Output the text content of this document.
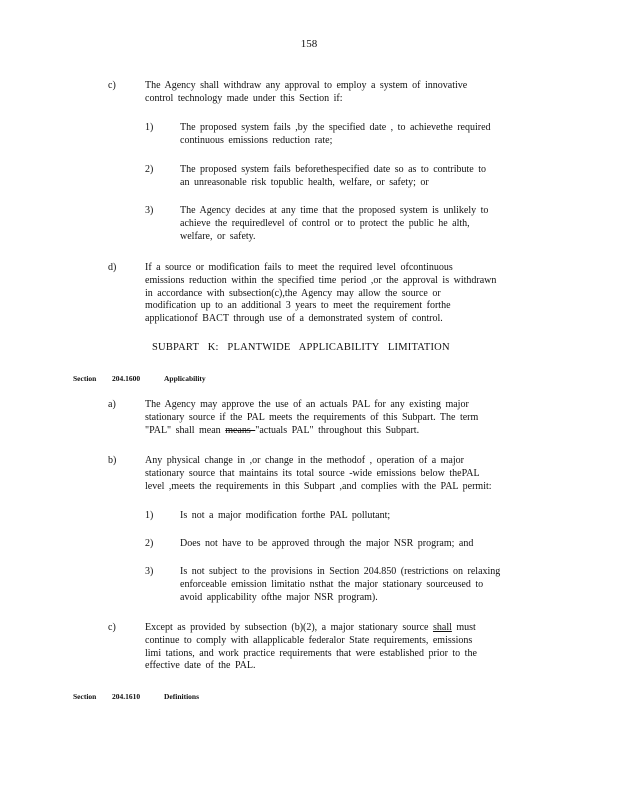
158
c)	The Agency shall withdraw any approval to employ a system of innovative
control technology made under this Section if:
1)	The proposed system fails ,by the specified date , to achievethe required
continuous emissions reduction rate;
2)	The proposed system fails beforethespecified date so as to contribute to
an unreasonable risk topublic health, welfare, or safety; or
3)	The Agency decides at any time that the proposed system is unlikely to
achieve the requiredlevel of control or to protect the public he alth,
welfare, or safety.
d)	If a source or modification fails to meet the required level ofcontinuous
emissions reduction within the specified time period ,or the approval is withdrawn
in accordance with subsection(c),the Agency may allow the source or
modification up to an additional 3 years to meet the requirement forthe
applicationof BACT through use of a demonstrated system of control.
SUBPART K: PLANTWIDE APPLICABILITY LIMITATION
Section 204.1600	Applicability
a)	The Agency may approve the use of an actuals PAL for any existing major
stationary source if the PAL meets the requirements of this Subpart. The term
"PAL" shall mean means "actuals PAL" throughout this Subpart.
b)	Any physical change in ,or change in the methodof , operation of a major
stationary source that maintains its total source -wide emissions below thePAL
level ,meets the requirements in this Subpart ,and complies with the PAL permit:
1)	Is not a major modification forthe PAL pollutant;
2)	Does not have to be approved through the major NSR program; and
3)	Is not subject to the provisions in Section 204.850 (restrictions on relaxing
enforceable emission limitatio nsthat the major stationary sourceused to
avoid applicability ofthe major NSR program).
c)	Except as provided by subsection (b)(2), a major stationary source shall must
continue to comply with allapplicable federalor State requirements, emissions
limi tations, and work practice requirements that were established prior to the
effective date of the PAL.
Section 204.1610	Definitions
